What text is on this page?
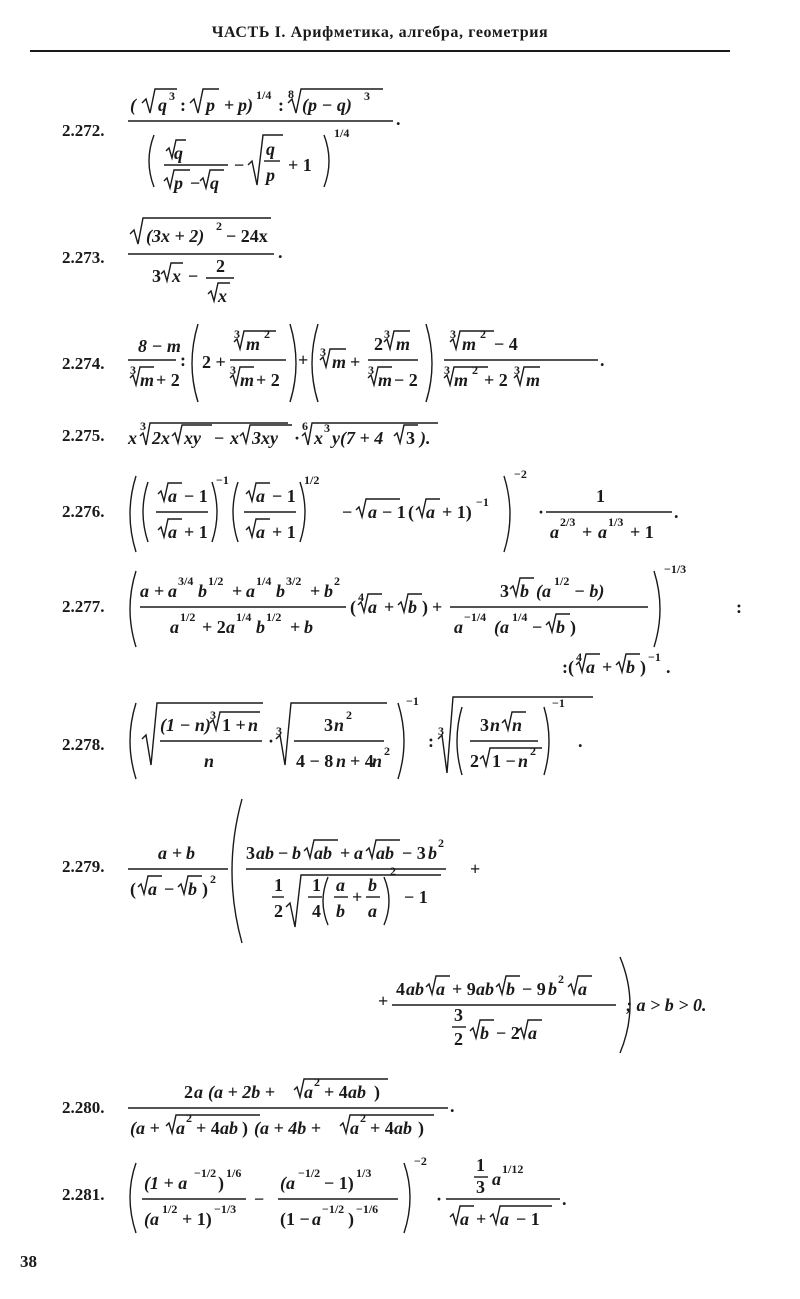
ЧАСТЬ I. Арифметика, алгебра, геометрия
2.272.
( q 3 : p + p) 1/4 :
8
(p − q) 3
.
q
p − q
−
q
p + 1
1/4
2.273.
(3x + 2) 2 − 24x
.
3 x − 2
x
2.274.
8 − m
3 m + 2
: 2 +
3 m 2
3 m + 2
+ 3 m +
2 3 m
3 m − 2
3 m 2 − 4
3 m 2 + 2 3 m
.
2.275. x
3
2x xy − x 3xy ·
6
x 3 y(7 + 4 3 ).
2.276.
a − 1
a + 1
−1
a − 1
a + 1
1/2
− a − 1 ( a + 1) −1
−2
·
1
a 2/3 + a 1/3 + 1
.
2.277.
a + a 3/4 b 1/2 + a 1/4 b 3/2 + b 2
a 1/2 + 2 a 1/4 b 1/2 + b
( 4 a + b ) +
3 b (a 1/2 − b)
a −1/4 (a 1/4 − b )
−1/3
:
:( 4 a + b ) −1 .
2.278.
(1 − n) 3 1 + n
n
· 3 3 n 2
4 − 8 n + 4
n 2
−1
: 3 3 n n
2 1 − n 2
−1
.
2.279.
a + b
( a − b ) 2
3 ab − b ab + a ab − 3 b 2
+
1
2
1
4
a
b
+
b
a
2
− 1
+
4 ab a + 9 ab b − 9 b 2 a
3
2 b − 2 a
; a > b > 0.
2.280.
2 a (a + 2b + a 2 + 4 ab )
.
(a + a 2 + 4 ab ) (a + 4b + a 2 + 4 ab )
2.281.
(1 + a −1/2 ) 1/6
(a 1/2 + 1) −1/3 −
(a −1/2 − 1) 1/3
(1 − a −1/2 ) −1/6
−2
·
1
3 a 1/12
a + a − 1
.
38
